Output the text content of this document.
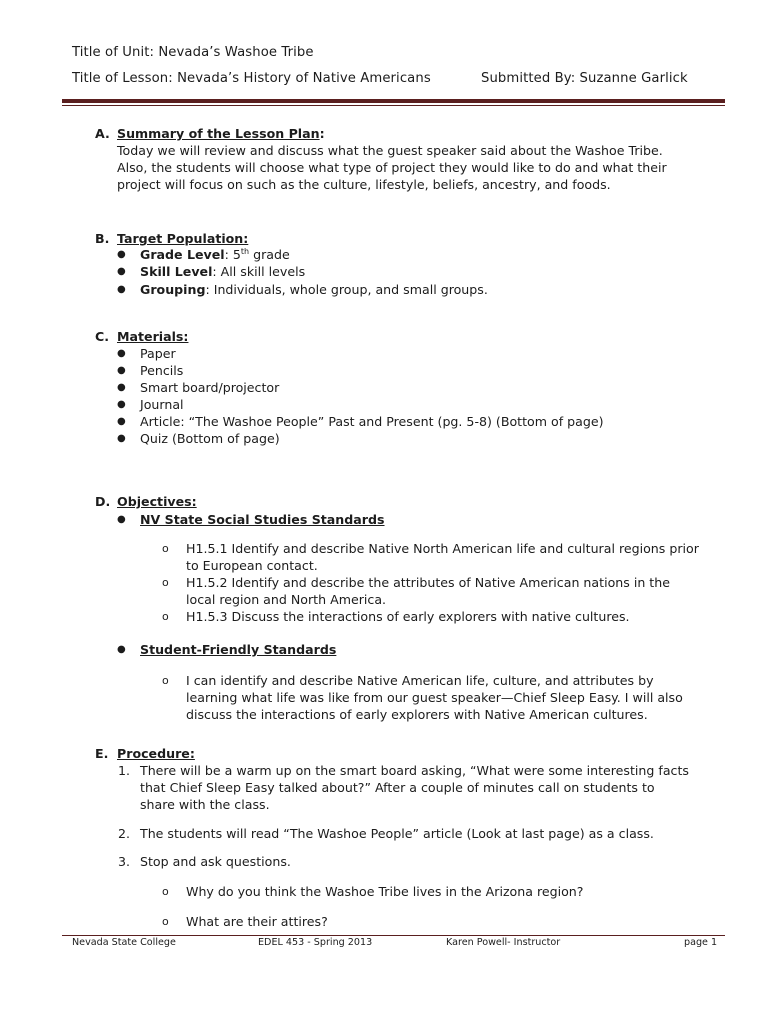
Title of Unit: Nevada’s Washoe Tribe
Title of Lesson: Nevada’s History of Native Americans	Submitted By: Suzanne Garlick
A. Summary of the Lesson Plan:
Today we will review and discuss what the guest speaker said about the Washoe Tribe.
Also, the students will choose what type of project they would like to do and what their
project will focus on such as the culture, lifestyle, beliefs, ancestry, and foods.
B. Target Population:
● Grade Level: 5th grade
● Skill Level: All skill levels
● Grouping: Individuals, whole group, and small groups.
C. Materials:
● Paper
● Pencils
● Smart board/projector
● Journal
● Article: “The Washoe People” Past and Present (pg. 5-8) (Bottom of page)
● Quiz (Bottom of page)
D. Objectives:
● NV State Social Studies Standards
o H1.5.1 Identify and describe Native North American life and cultural regions prior
to European contact.
o H1.5.2 Identify and describe the attributes of Native American nations in the
local region and North America.
o H1.5.3 Discuss the interactions of early explorers with native cultures.
● Student-Friendly Standards
o I can identify and describe Native American life, culture, and attributes by
learning what life was like from our guest speaker—Chief Sleep Easy. I will also
discuss the interactions of early explorers with Native American cultures.
E. Procedure:
1. There will be a warm up on the smart board asking, “What were some interesting facts
that Chief Sleep Easy talked about?” After a couple of minutes call on students to
share with the class.
2. The students will read “The Washoe People” article (Look at last page) as a class.
3. Stop and ask questions.
o Why do you think the Washoe Tribe lives in the Arizona region?
o What are their attires?
Nevada State College	EDEL 453 - Spring 2013	Karen Powell- Instructor	page 1
